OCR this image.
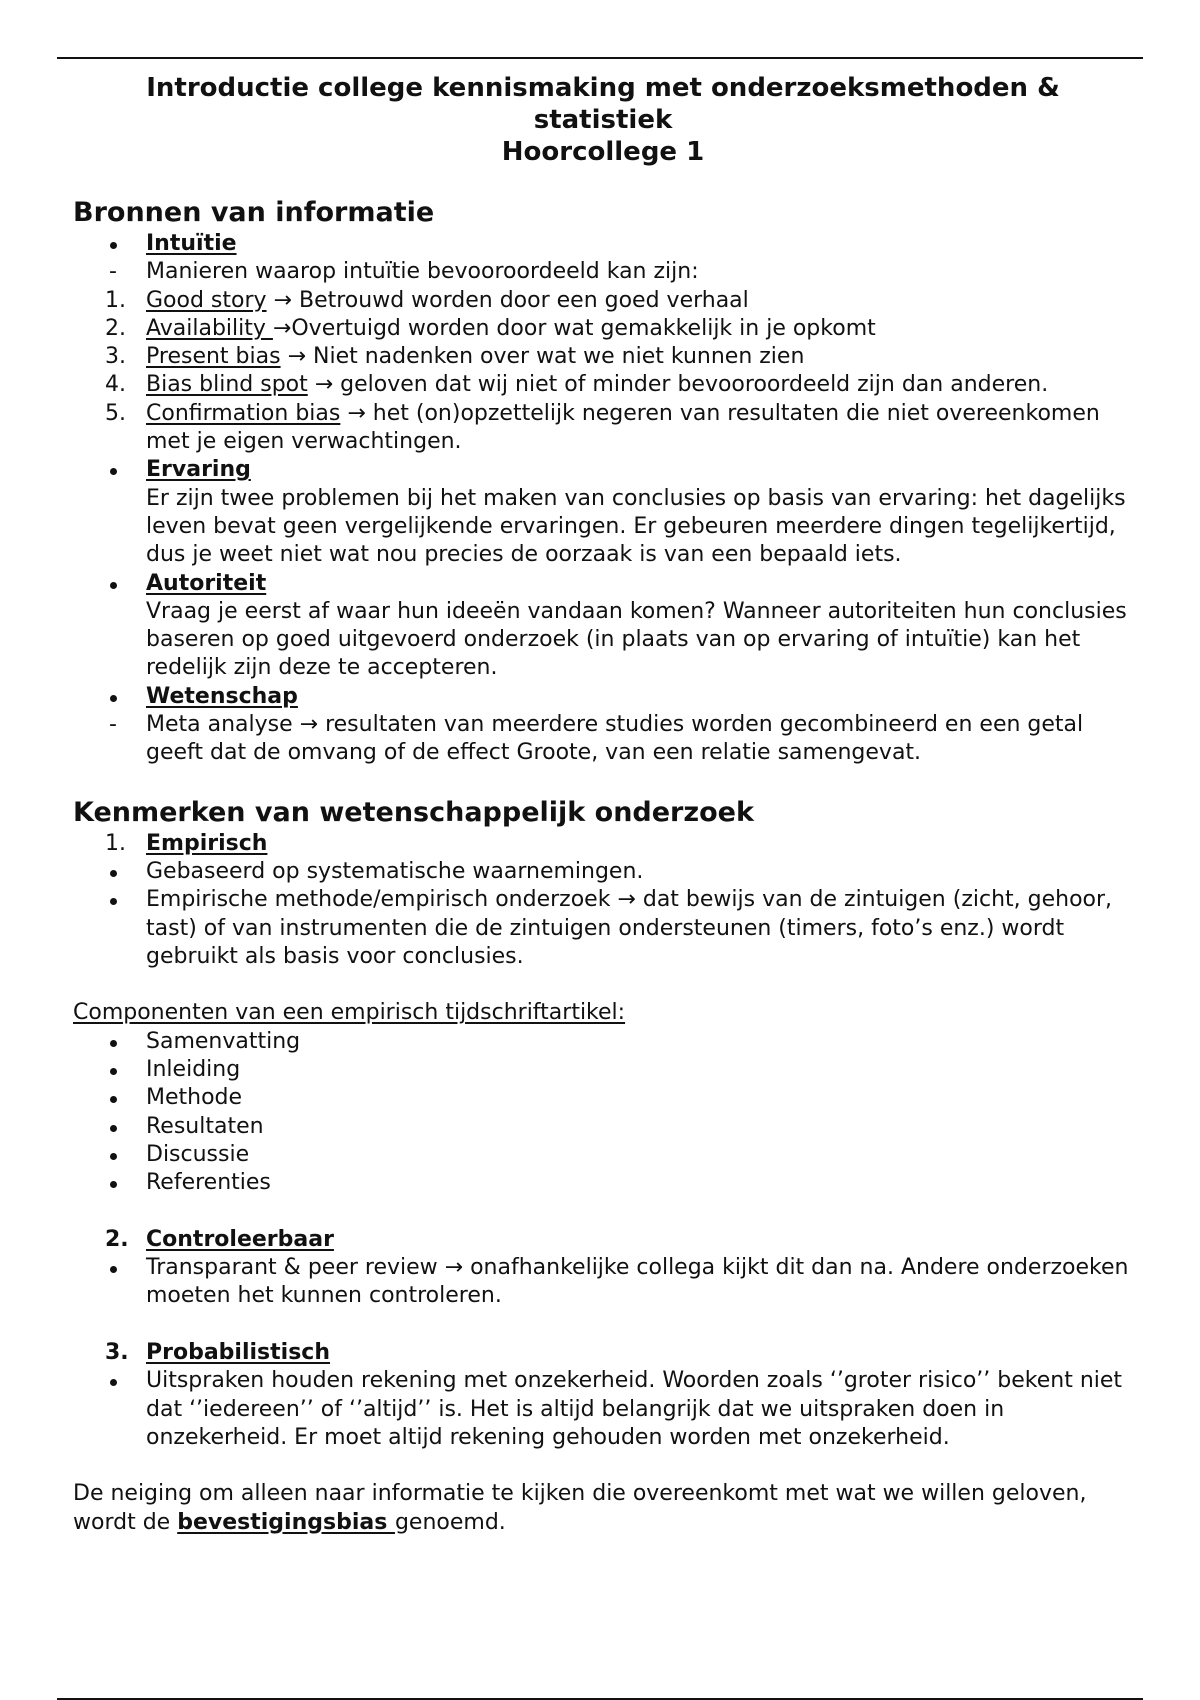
Introductie college kennismaking met onderzoeksmethoden &
statistiek
Hoorcollege 1

Bronnen van informatie
Intuïtie
-	Manieren waarop intuïtie bevooroordeeld kan zijn:
1. Good story → Betrouwd worden door een goed verhaal
2. Availability →Overtuigd worden door wat gemakkelijk in je opkomt
3. Present bias → Niet nadenken over wat we niet kunnen zien
4. Bias blind spot → geloven dat wij niet of minder bevooroordeeld zijn dan anderen.
5. Confirmation bias → het (on)opzettelijk negeren van resultaten die niet overeenkomen met je eigen verwachtingen.
Ervaring
Er zijn twee problemen bij het maken van conclusies op basis van ervaring: het dagelijks leven bevat geen vergelijkende ervaringen. Er gebeuren meerdere dingen tegelijkertijd, dus je weet niet wat nou precies de oorzaak is van een bepaald iets.
Autoriteit
Vraag je eerst af waar hun ideeën vandaan komen? Wanneer autoriteiten hun conclusies baseren op goed uitgevoerd onderzoek (in plaats van op ervaring of intuïtie) kan het redelijk zijn deze te accepteren.
Wetenschap
-	Meta analyse → resultaten van meerdere studies worden gecombineerd en een getal geeft dat de omvang of de effect Groote, van een relatie samengevat.
Kenmerken van wetenschappelijk onderzoek
1. Empirisch
Gebaseerd op systematische waarnemingen.
Empirische methode/empirisch onderzoek → dat bewijs van de zintuigen (zicht, gehoor, tast) of van instrumenten die de zintuigen ondersteunen (timers, foto’s enz.) wordt gebruikt als basis voor conclusies.

Componenten van een empirisch tijdschriftartikel:

Samenvatting
Inleiding
Methode
Resultaten
Discussie
Referenties
2. Controleerbaar
Transparant & peer review → onafhankelijke collega kijkt dit dan na. Andere onderzoeken moeten het kunnen controleren.
3. Probabilistisch
Uitspraken houden rekening met onzekerheid. Woorden zoals ‘’groter risico’’ bekent niet dat ‘’iedereen’’ of ‘’altijd’’ is. Het is altijd belangrijk dat we uitspraken doen in onzekerheid. Er moet altijd rekening gehouden worden met onzekerheid.

De neiging om alleen naar informatie te kijken die overeenkomt met wat we willen geloven, wordt de bevestigingsbias genoemd.
